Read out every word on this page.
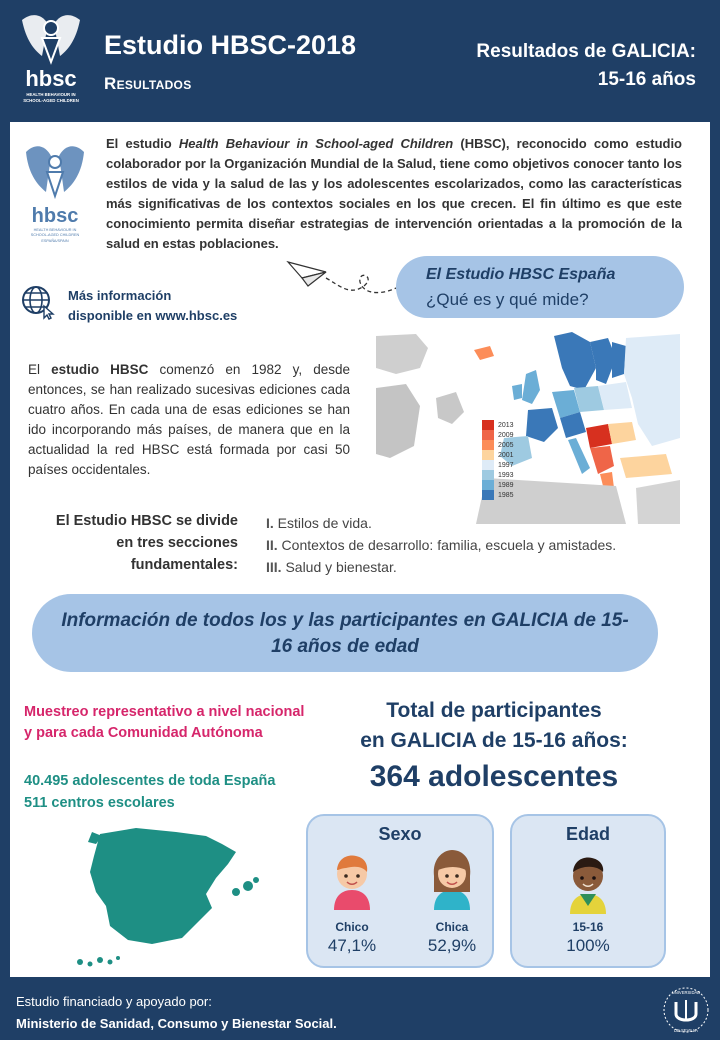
hbsc
HEALTH BEHAVIOUR IN
SCHOOL-AGED CHILDREN
Estudio HBSC-2018
Resultados
Resultados de GALICIA:
15-16 años
hbsc
HEALTH BEHAVIOUR IN
SCHOOL-AGED CHILDREN
ESPAÑA/SPAIN

El estudio Health Behaviour in School-aged Children (HBSC), reconocido como estudio colaborador por la Organización Mundial de la Salud, tiene como objetivos conocer tanto los estilos de vida y la salud de las y los adolescentes escolarizados, como las características más significativas de los contextos sociales en los que crecen. El fin último es que este conocimiento permita diseñar estrategias de intervención orientadas a la promoción de la salud en estas poblaciones.

El Estudio HBSC España
¿Qué es y qué mide?
Más información
disponible en www.hbsc.es

El estudio HBSC comenzó en 1982 y, desde entonces, se han realizado sucesivas ediciones cada cuatro años. En cada una de esas ediciones se han ido incorporando más países, de manera que en la actualidad la red HBSC está formada por casi 50 países occidentales.

2013
2009
2005
2001
1997
1993
1989
1985
El Estudio HBSC se divide
en tres secciones
fundamentales:
I. Estilos de vida.
II. Contextos de desarrollo: familia, escuela y amistades.
III. Salud y bienestar.
Información de todos los y las participantes en GALICIA de 15-16 años de edad
Muestreo representativo a nivel nacional
y para cada Comunidad Autónoma
40.495 adolescentes de toda España
511 centros escolares
Total de participantes
en GALICIA de 15-16 años:
364 adolescentes
Sexo
Chico
47,1%
Chica
52,9%
Edad
15-16
100%
Estudio financiado y apoyado por:
Ministerio de Sanidad, Consumo y Bienestar Social.
UNIVERSIDAD
DE SEVILLA
